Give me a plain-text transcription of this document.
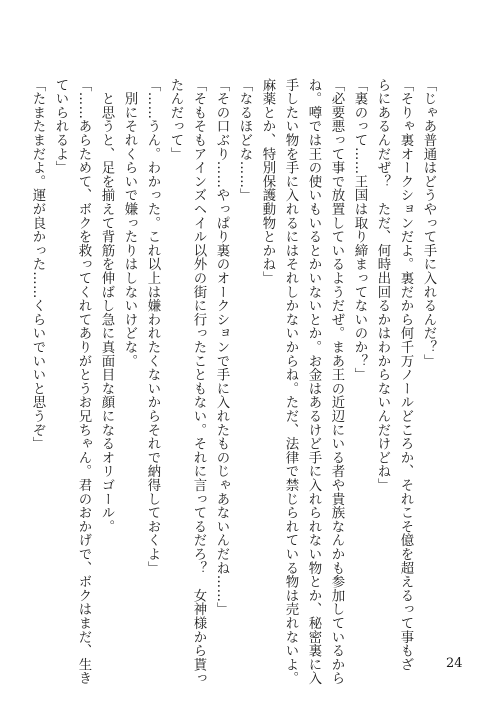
「じゃあ普通はどうやって手に入れるんだ？」
「そりゃ裏オークションだよ。裏だから何千万ノールどころか、それこそ億を超えるって事もざ
らにあるんだぜ？　ただ、何時出回るかはわからないんだけどね」
「裏のって……王国は取り締まってないのか？」
「必要悪って事で放置しているようだぜ。まあ王の近辺にいる者や貴族なんかも参加しているから
ね。噂では王の使いもいるとかいないとか。お金はあるけど手に入れられない物とか、秘密裏に入
手したい物を手に入れるにはそれしかないからね。ただ、法律で禁じられている物は売れないよ。
麻薬とか、特別保護動物とかね」
「なるほどな……」
「その口ぶり……やっぱり裏のオークションで手に入れたものじゃあないんだね……」
「そもそもアインズヘイル以外の街に行ったこともない。それに言ってるだろ？　女神様から貰っ
たんだって」
「……うん。わかった。これ以上は嫌われたくないからそれで納得しておくよ」
　別にそれくらいで嫌ったりはしないけどな。
　と思うと、足を揃えて背筋を伸ばし急に真面目な顔になるオリゴール。
「……あらためて、ボクを救ってくれてありがとうお兄ちゃん。君のおかげで、ボクはまだ、生き
ていられるよ」
「たまたまだよ。運が良かった……くらいでいいと思うぞ」
24
